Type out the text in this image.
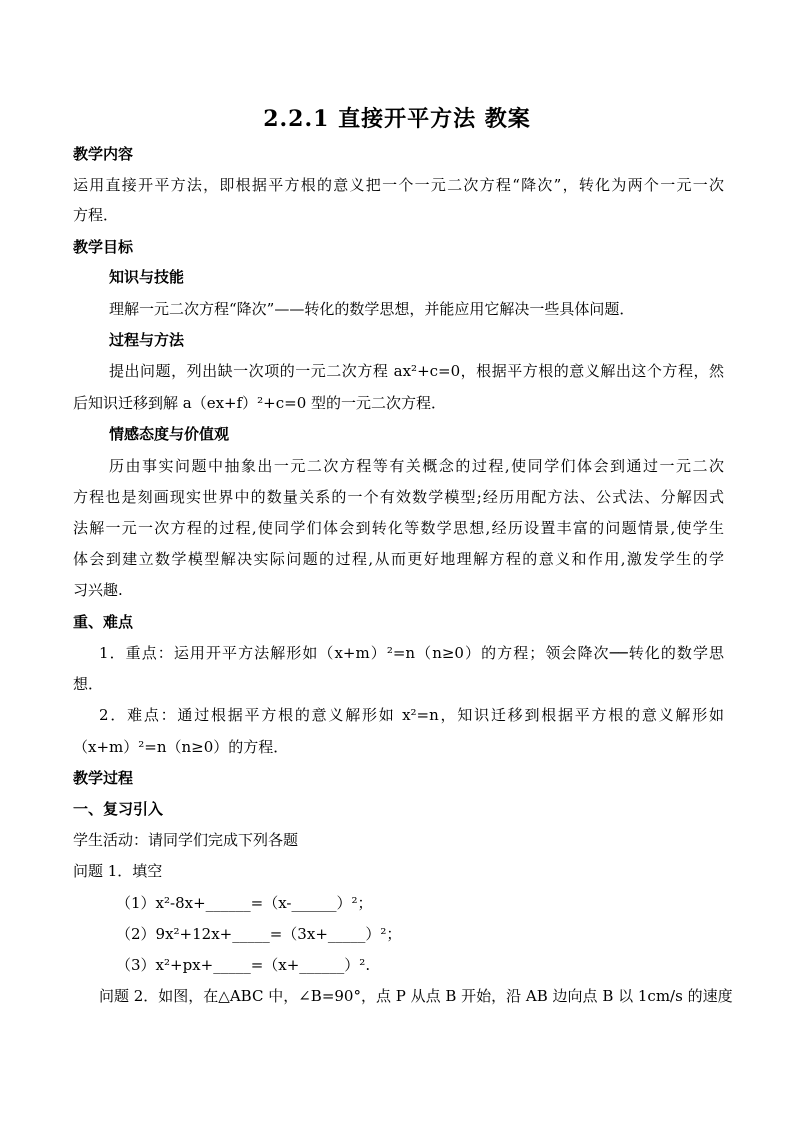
2.2.1 直接开平方法 教案
教学内容
运用直接开平方法，即根据平方根的意义把一个一元二次方程“降次”，转化为两个一元一次
方程．
教学目标
知识与技能
理解一元二次方程“降次”——转化的数学思想，并能应用它解决一些具体问题．
过程与方法
提出问题，列出缺一次项的一元二次方程 ax²+c=0，根据平方根的意义解出这个方程，然
后知识迁移到解 a（ex+f）²+c=0 型的一元二次方程．
情感态度与价值观
历由事实问题中抽象出一元二次方程等有关概念的过程,使同学们体会到通过一元二次
方程也是刻画现实世界中的数量关系的一个有效数学模型;经历用配方法、公式法、分解因式
法解一元一次方程的过程,使同学们体会到转化等数学思想,经历设置丰富的问题情景,使学生
体会到建立数学模型解决实际问题的过程,从而更好地理解方程的意义和作用,激发学生的学
习兴趣.
重、难点
1．重点：运用开平方法解形如（x+m）²=n（n≥0）的方程；领会降次──转化的数学思
想．
2．难点：通过根据平方根的意义解形如 x²=n，知识迁移到根据平方根的意义解形如
（x+m）²=n（n≥0）的方程．
教学过程
一、复习引入
学生活动：请同学们完成下列各题
问题 1．填空
（1）x²-8x+______=（x-______）²；
（2）9x²+12x+_____=（3x+_____）²；
（3）x²+px+_____=（x+______）².
问题 2．如图，在△ABC 中，∠B=90°，点 P 从点 B 开始，沿 AB 边向点 B 以 1cm/s 的速度
